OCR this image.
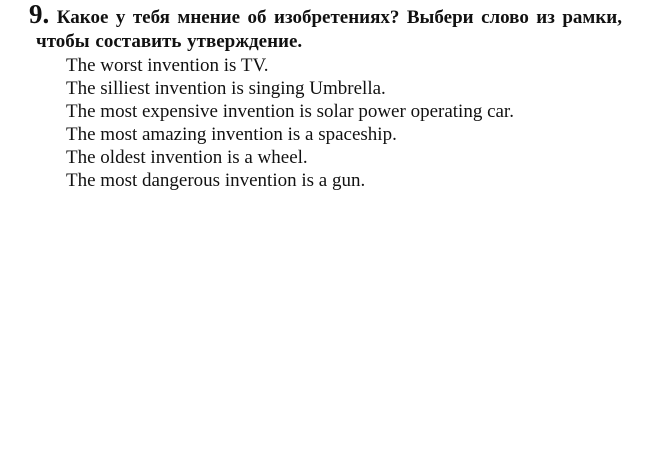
9. Какое у тебя мнение об изобретениях? Выбери слово из рамки, чтобы составить утверждение.

The worst invention is TV.
The silliest invention is singing Umbrella.
The most expensive invention is solar power operating car.
The most amazing invention is a spaceship.
The oldest invention is a wheel.
The most dangerous invention is a gun.
